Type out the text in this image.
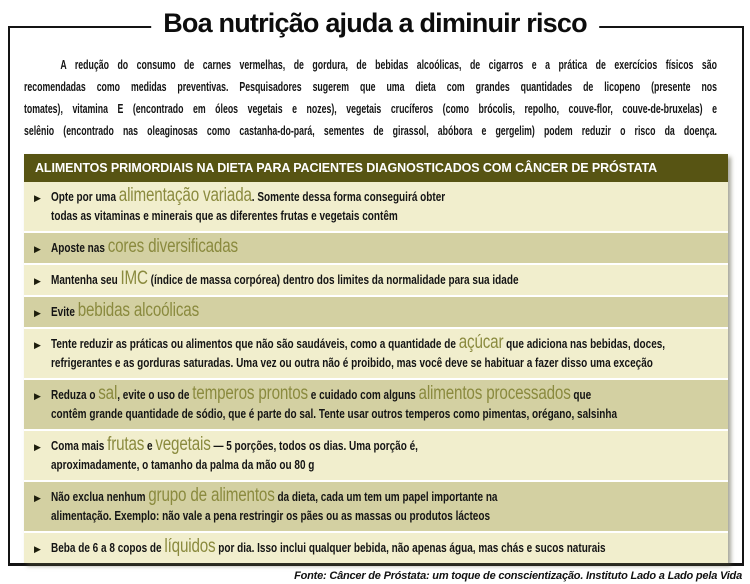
Boa nutrição ajuda a diminuir risco
A redução do consumo de carnes vermelhas, de gordura, de bebidas alcoólicas, de cigarros e a prática de exercícios físicos são
recomendadas como medidas preventivas. Pesquisadores sugerem que uma dieta com grandes quantidades de licopeno (presente nos
tomates), vitamina E (encontrado em óleos vegetais e nozes), vegetais crucíferos (como brócolis, repolho, couve-flor, couve-de-bruxelas) e
selênio (encontrado nas oleaginosas como castanha-do-pará, sementes de girassol, abóbora e gergelim) podem reduzir o risco da doença.
ALIMENTOS PRIMORDIAIS NA DIETA PARA PACIENTES DIAGNOSTICADOS COM CÂNCER DE PRÓSTATA
▶ Opte por uma alimentação variada. Somente dessa forma conseguirá obter
todas as vitaminas e minerais que as diferentes frutas e vegetais contêm
▶ Aposte nas cores diversificadas
▶ Mantenha seu IMC (índice de massa corpórea) dentro dos limites da normalidade para sua idade
▶ Evite bebidas alcoólicas
▶ Tente reduzir as práticas ou alimentos que não são saudáveis, como a quantidade de açúcar que adiciona nas bebidas, doces,
refrigerantes e as gorduras saturadas. Uma vez ou outra não é proibido, mas você deve se habituar a fazer disso uma exceção
▶ Reduza o sal, evite o uso de temperos prontos e cuidado com alguns alimentos processados que
contêm grande quantidade de sódio, que é parte do sal. Tente usar outros temperos como pimentas, orégano, salsinha
▶ Coma mais frutas e vegetais — 5 porções, todos os dias. Uma porção é,
aproximadamente, o tamanho da palma da mão ou 80 g
▶ Não exclua nenhum grupo de alimentos da dieta, cada um tem um papel importante na
alimentação. Exemplo: não vale a pena restringir os pães ou as massas ou produtos lácteos
▶ Beba de 6 a 8 copos de líquidos por dia. Isso inclui qualquer bebida, não apenas água, mas chás e sucos naturais
Fonte: Câncer de Próstata: um toque de conscientização. Instituto Lado a Lado pela Vida
